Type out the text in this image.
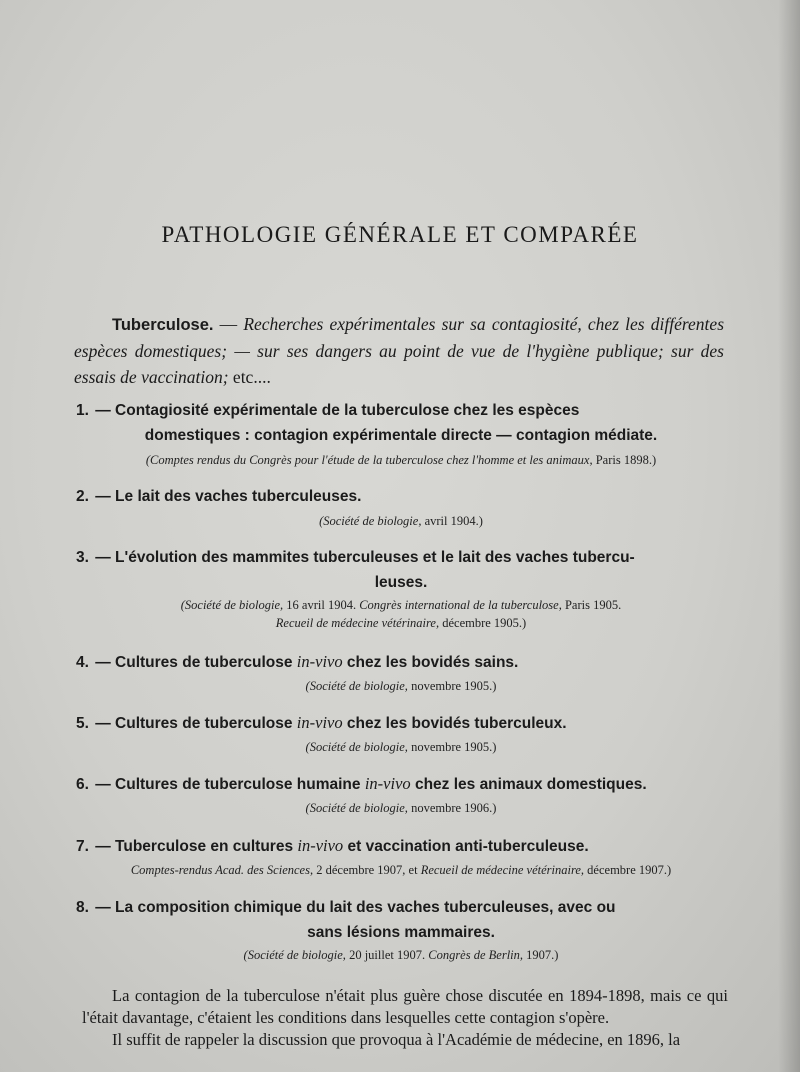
PATHOLOGIE GÉNÉRALE ET COMPARÉE
Tuberculose. — Recherches expérimentales sur sa contagiosité, chez les différentes espèces domestiques; — sur ses dangers au point de vue de l'hygiène publique; sur des essais de vaccination; etc....
1. — Contagiosité expérimentale de la tuberculose chez les espèces
domestiques : contagion expérimentale directe — contagion médiate.
(Comptes rendus du Congrès pour l'étude de la tuberculose chez l'homme et les animaux, Paris 1898.)
2. — Le lait des vaches tuberculeuses.
(Société de biologie, avril 1904.)
3. — L'évolution des mammites tuberculeuses et le lait des vaches tubercu-
leuses.
(Société de biologie, 16 avril 1904. Congrès international de la tuberculose, Paris 1905.
Recueil de médecine vétérinaire, décembre 1905.)
4. — Cultures de tuberculose in-vivo chez les bovidés sains.
(Société de biologie, novembre 1905.)
5. — Cultures de tuberculose in-vivo chez les bovidés tuberculeux.
(Société de biologie, novembre 1905.)
6. — Cultures de tuberculose humaine in-vivo chez les animaux domestiques.
(Société de biologie, novembre 1906.)
7. — Tuberculose en cultures in-vivo et vaccination anti-tuberculeuse.
Comptes-rendus Acad. des Sciences, 2 décembre 1907, et Recueil de médecine vétérinaire, décembre 1907.)
8. — La composition chimique du lait des vaches tuberculeuses, avec ou
sans lésions mammaires.
(Société de biologie, 20 juillet 1907. Congrès de Berlin, 1907.)

La contagion de la tuberculose n'était plus guère chose discutée en 1894-1898, mais ce qui l'était davantage, c'étaient les conditions dans lesquelles cette contagion s'opère.

Il suffit de rappeler la discussion que provoqua à l'Académie de médecine, en 1896, la
